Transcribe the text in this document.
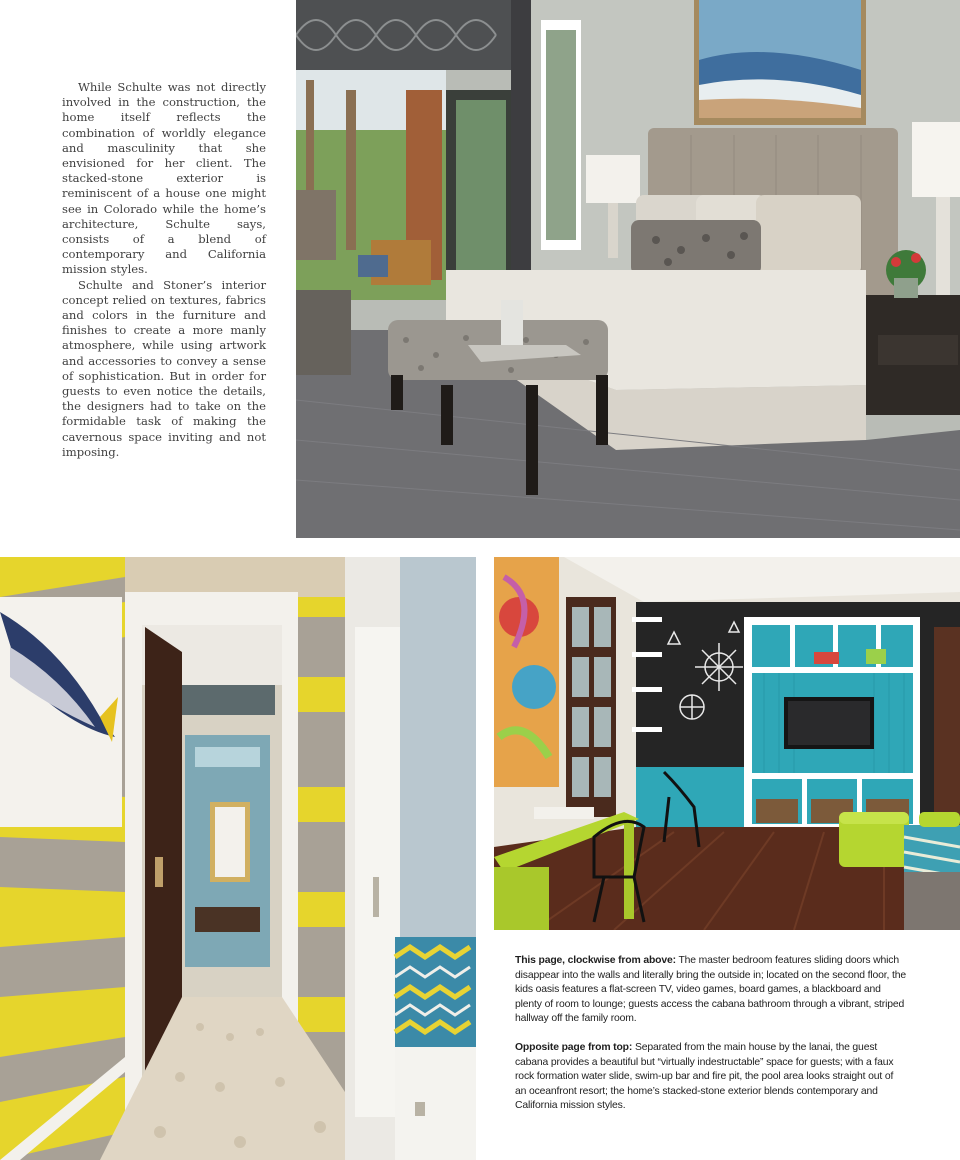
While Schulte was not directly involved in the construction, the home itself reflects the combination of worldly elegance and masculinity that she envisioned for her client. The stacked-stone exterior is reminiscent of a house one might see in Colorado while the home’s architecture, Schulte says, consists of a blend of contemporary and California mission styles.

Schulte and Stoner’s interior concept relied on textures, fabrics and colors in the furniture and finishes to create a more manly atmosphere, while using artwork and accessories to convey a sense of sophistication. But in order for guests to even notice the details, the designers had to take on the formidable task of making the cavernous space inviting and not imposing.

This page, clockwise from above: The master bedroom features sliding doors which disappear into the walls and literally bring the outside in; located on the second floor, the kids oasis features a flat-screen TV, video games, board games, a blackboard and plenty of room to lounge; guests access the cabana bathroom through a vibrant, striped hallway off the family room.

Opposite page from top: Separated from the main house by the lanai, the guest cabana provides a beautiful but “virtually indestructable” space for guests; with a faux rock formation water slide, swim-up bar and fire pit, the pool area looks straight out of an oceanfront resort; the home’s stacked-stone exterior blends contemporary and California mission styles.
